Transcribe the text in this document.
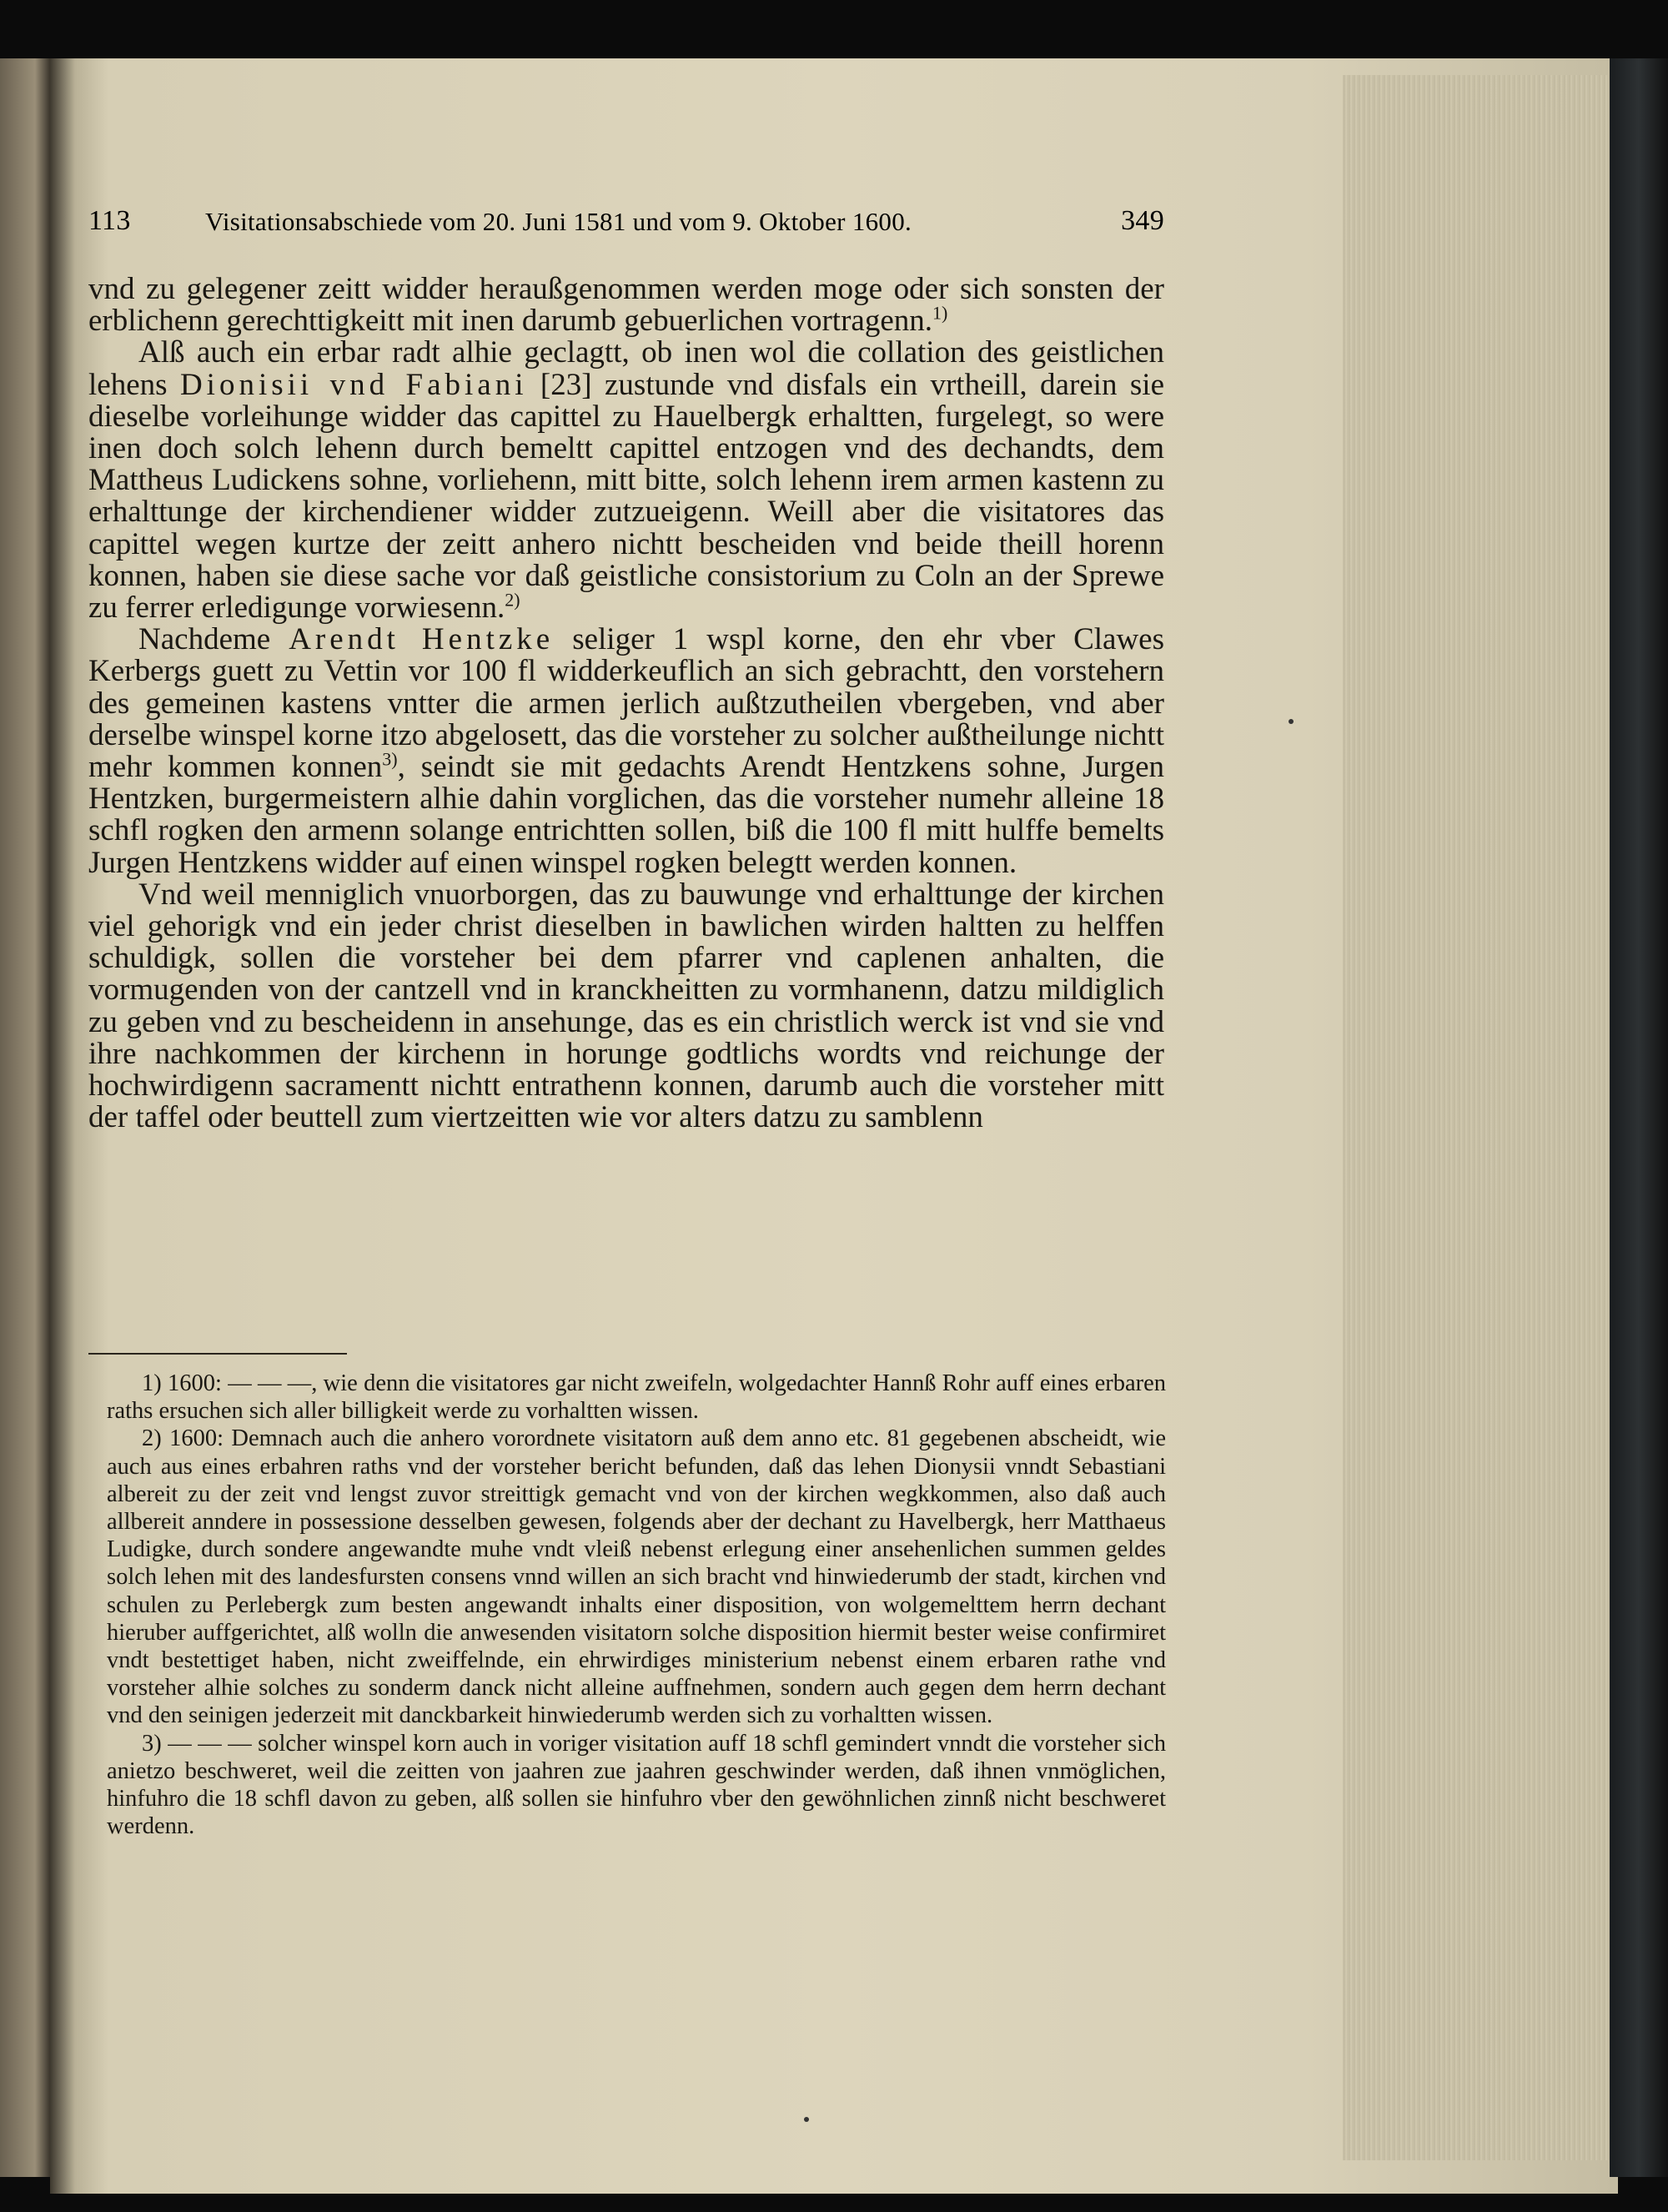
113	Visitationsabschiede vom 20. Juni 1581 und vom 9. Oktober 1600.	349

vnd zu gelegener zeitt widder heraußgenommen werden moge oder sich sonsten der erblichenn gerechttigkeitt mit inen darumb gebuerlichen vortragenn.$^{1)}$

Alß auch ein erbar radt alhie geclagtt, ob inen wol die collation des geistlichen lehens Dionisii vnd Fabiani [23] zustunde vnd disfals ein vrtheill, darein sie dieselbe vorleihunge widder das capittel zu Hauelbergk erhaltten, furgelegt, so were inen doch solch lehenn durch bemeltt capittel entzogen vnd des dechandts, dem Mattheus Ludickens sohne, vorliehenn, mitt bitte, solch lehenn irem armen kastenn zu erhalttunge der kirchendiener widder zutzueigenn. Weill aber die visitatores das capittel wegen kurtze der zeitt anhero nichtt bescheiden vnd beide theill horenn konnen, haben sie diese sache vor daß geistliche consistorium zu Coln an der Sprewe zu ferrer erledigunge vorwiesenn.$^{2)}$

Nachdeme Arendt Hentzke seliger 1 wspl korne, den ehr vber Clawes Kerbergs guett zu Vettin vor 100 fl widderkeuflich an sich gebrachtt, den vorstehern des gemeinen kastens vntter die armen jerlich außtzutheilen vbergeben, vnd aber derselbe winspel korne itzo abgelosett, das die vorsteher zu solcher außtheilunge nichtt mehr kommen konnen$^{3)}$, seindt sie mit gedachts Arendt Hentzkens sohne, Jurgen Hentzken, burgermeistern alhie dahin vorglichen, das die vorsteher numehr alleine 18 schfl rogken den armenn solange entrichtten sollen, biß die 100 fl mitt hulffe bemelts Jurgen Hentzkens widder auf einen winspel rogken belegtt werden konnen.

Vnd weil menniglich vnuorborgen, das zu bauwunge vnd erhalttunge der kirchen viel gehorigk vnd ein jeder christ dieselben in bawlichen wirden haltten zu helffen schuldigk, sollen die vorsteher bei dem pfarrer vnd caplenen anhalten, die vormugenden von der cantzell vnd in kranckheitten zu vormhanenn, datzu mildiglich zu geben vnd zu bescheidenn in ansehunge, das es ein christlich werck ist vnd sie vnd ihre nachkommen der kirchenn in horunge godtlichs wordts vnd reichunge der hochwirdigenn sacramentt nichtt entrathenn konnen, darumb auch die vorsteher mitt der taffel oder beuttell zum viertzeitten wie vor alters datzu zu samblenn

1) 1600: — — —, wie denn die visitatores gar nicht zweifeln, wolgedachter Hannß Rohr auff eines erbaren raths ersuchen sich aller billigkeit werde zu vorhaltten wissen.

2) 1600: Demnach auch die anhero vorordnete visitatorn auß dem anno etc. 81 gegebenen abscheidt, wie auch aus eines erbahren raths vnd der vorsteher bericht befunden, daß das lehen Dionysii vnndt Sebastiani albereit zu der zeit vnd lengst zuvor streittigk gemacht vnd von der kirchen wegkkommen, also daß auch allbereit anndere in possessione desselben gewesen, folgends aber der dechant zu Havelbergk, herr Matthaeus Ludigke, durch sondere angewandte muhe vndt vleiß nebenst erlegung einer ansehenlichen summen geldes solch lehen mit des landesfursten consens vnnd willen an sich bracht vnd hinwiederumb der stadt, kirchen vnd schulen zu Perlebergk zum besten angewandt inhalts einer disposition, von wolgemelttem herrn dechant hieruber auffgerichtet, alß wolln die anwesenden visitatorn solche disposition hiermit bester weise confirmiret vndt bestettiget haben, nicht zweiffelnde, ein ehrwirdiges ministerium nebenst einem erbaren rathe vnd vorsteher alhie solches zu sonderm danck nicht alleine auffnehmen, sondern auch gegen dem herrn dechant vnd den seinigen jederzeit mit danckbarkeit hinwiederumb werden sich zu vorhaltten wissen.

3) — — — solcher winspel korn auch in voriger visitation auff 18 schfl gemindert vnndt die vorsteher sich anietzo beschweret, weil die zeitten von jaahren zue jaahren geschwinder werden, daß ihnen vnmöglichen, hinfuhro die 18 schfl davon zu geben, alß sollen sie hinfuhro vber den gewöhnlichen zinnß nicht beschweret werdenn.
